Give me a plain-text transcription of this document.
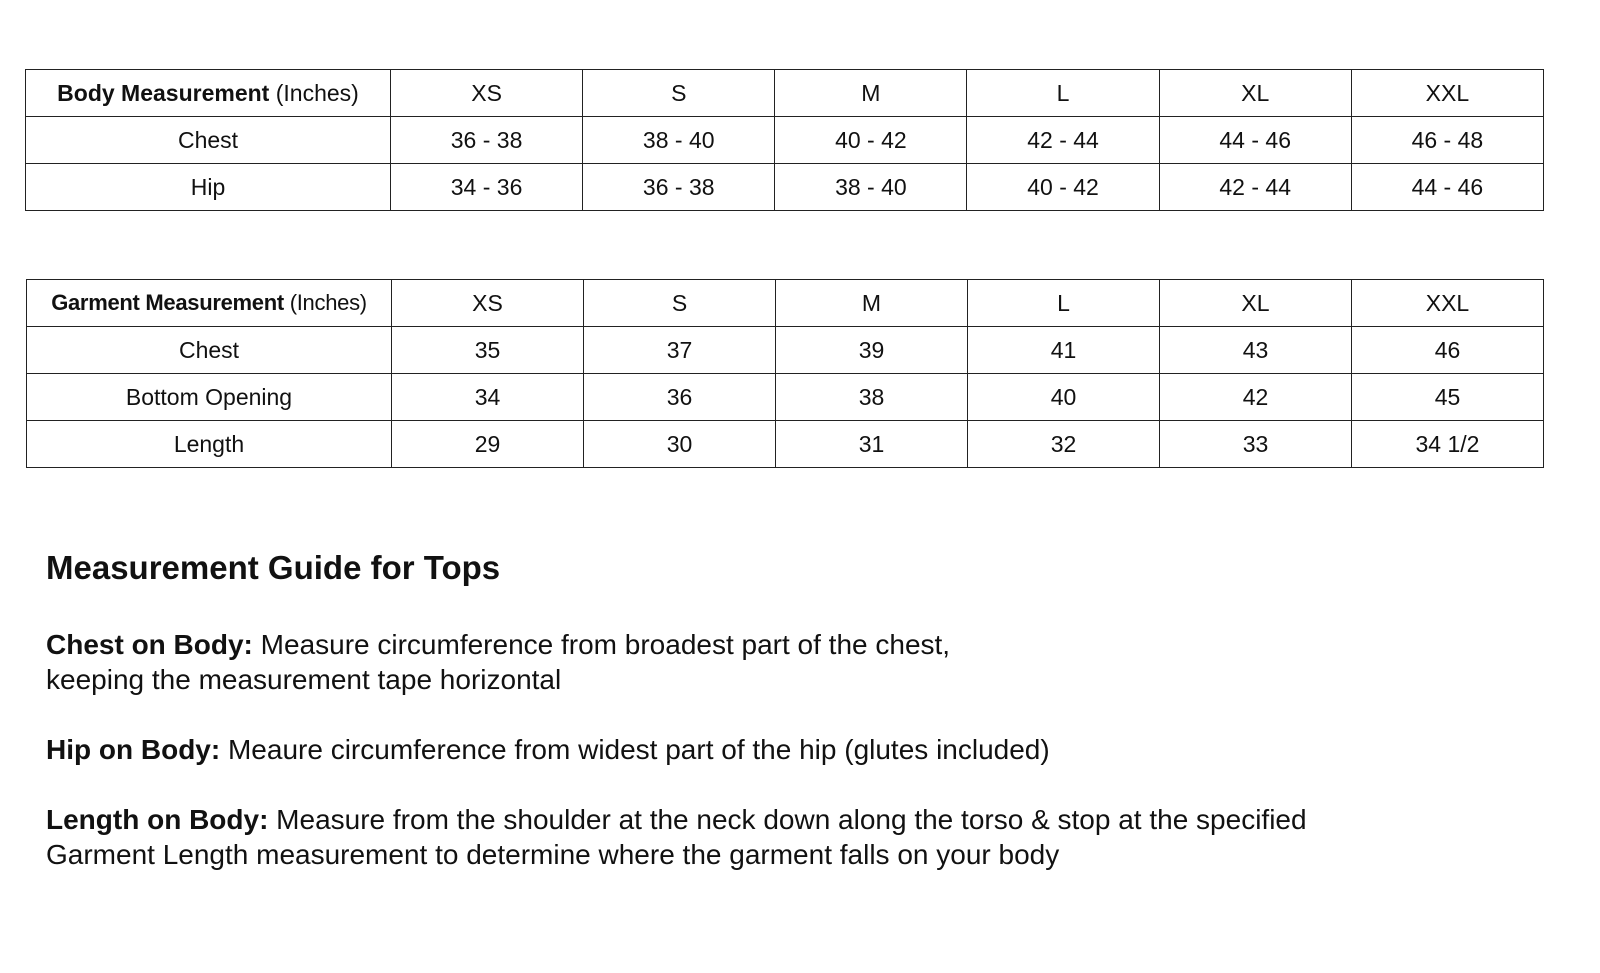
Body Measurement (Inches)	XS	S	M	L	XL	XXL
Chest	36 - 38	38 - 40	40 - 42	42 - 44	44 - 46	46 - 48
Hip	34 - 36	36 - 38	38 - 40	40 - 42	42 - 44	44 - 46
Garment Measurement (Inches)	XS	S	M	L	XL	XXL
Chest	35	37	39	41	43	46
Bottom Opening	34	36	38	40	42	45
Length	29	30	31	32	33	34 1/2
Measurement Guide for Tops
Chest on Body: Measure circumference from broadest part of the chest,
keeping the measurement tape horizontal
Hip on Body: Meaure circumference from widest part of the hip (glutes included)
Length on Body: Measure from the shoulder at the neck down along the torso & stop at the specified
Garment Length measurement to determine where the garment falls on your body
